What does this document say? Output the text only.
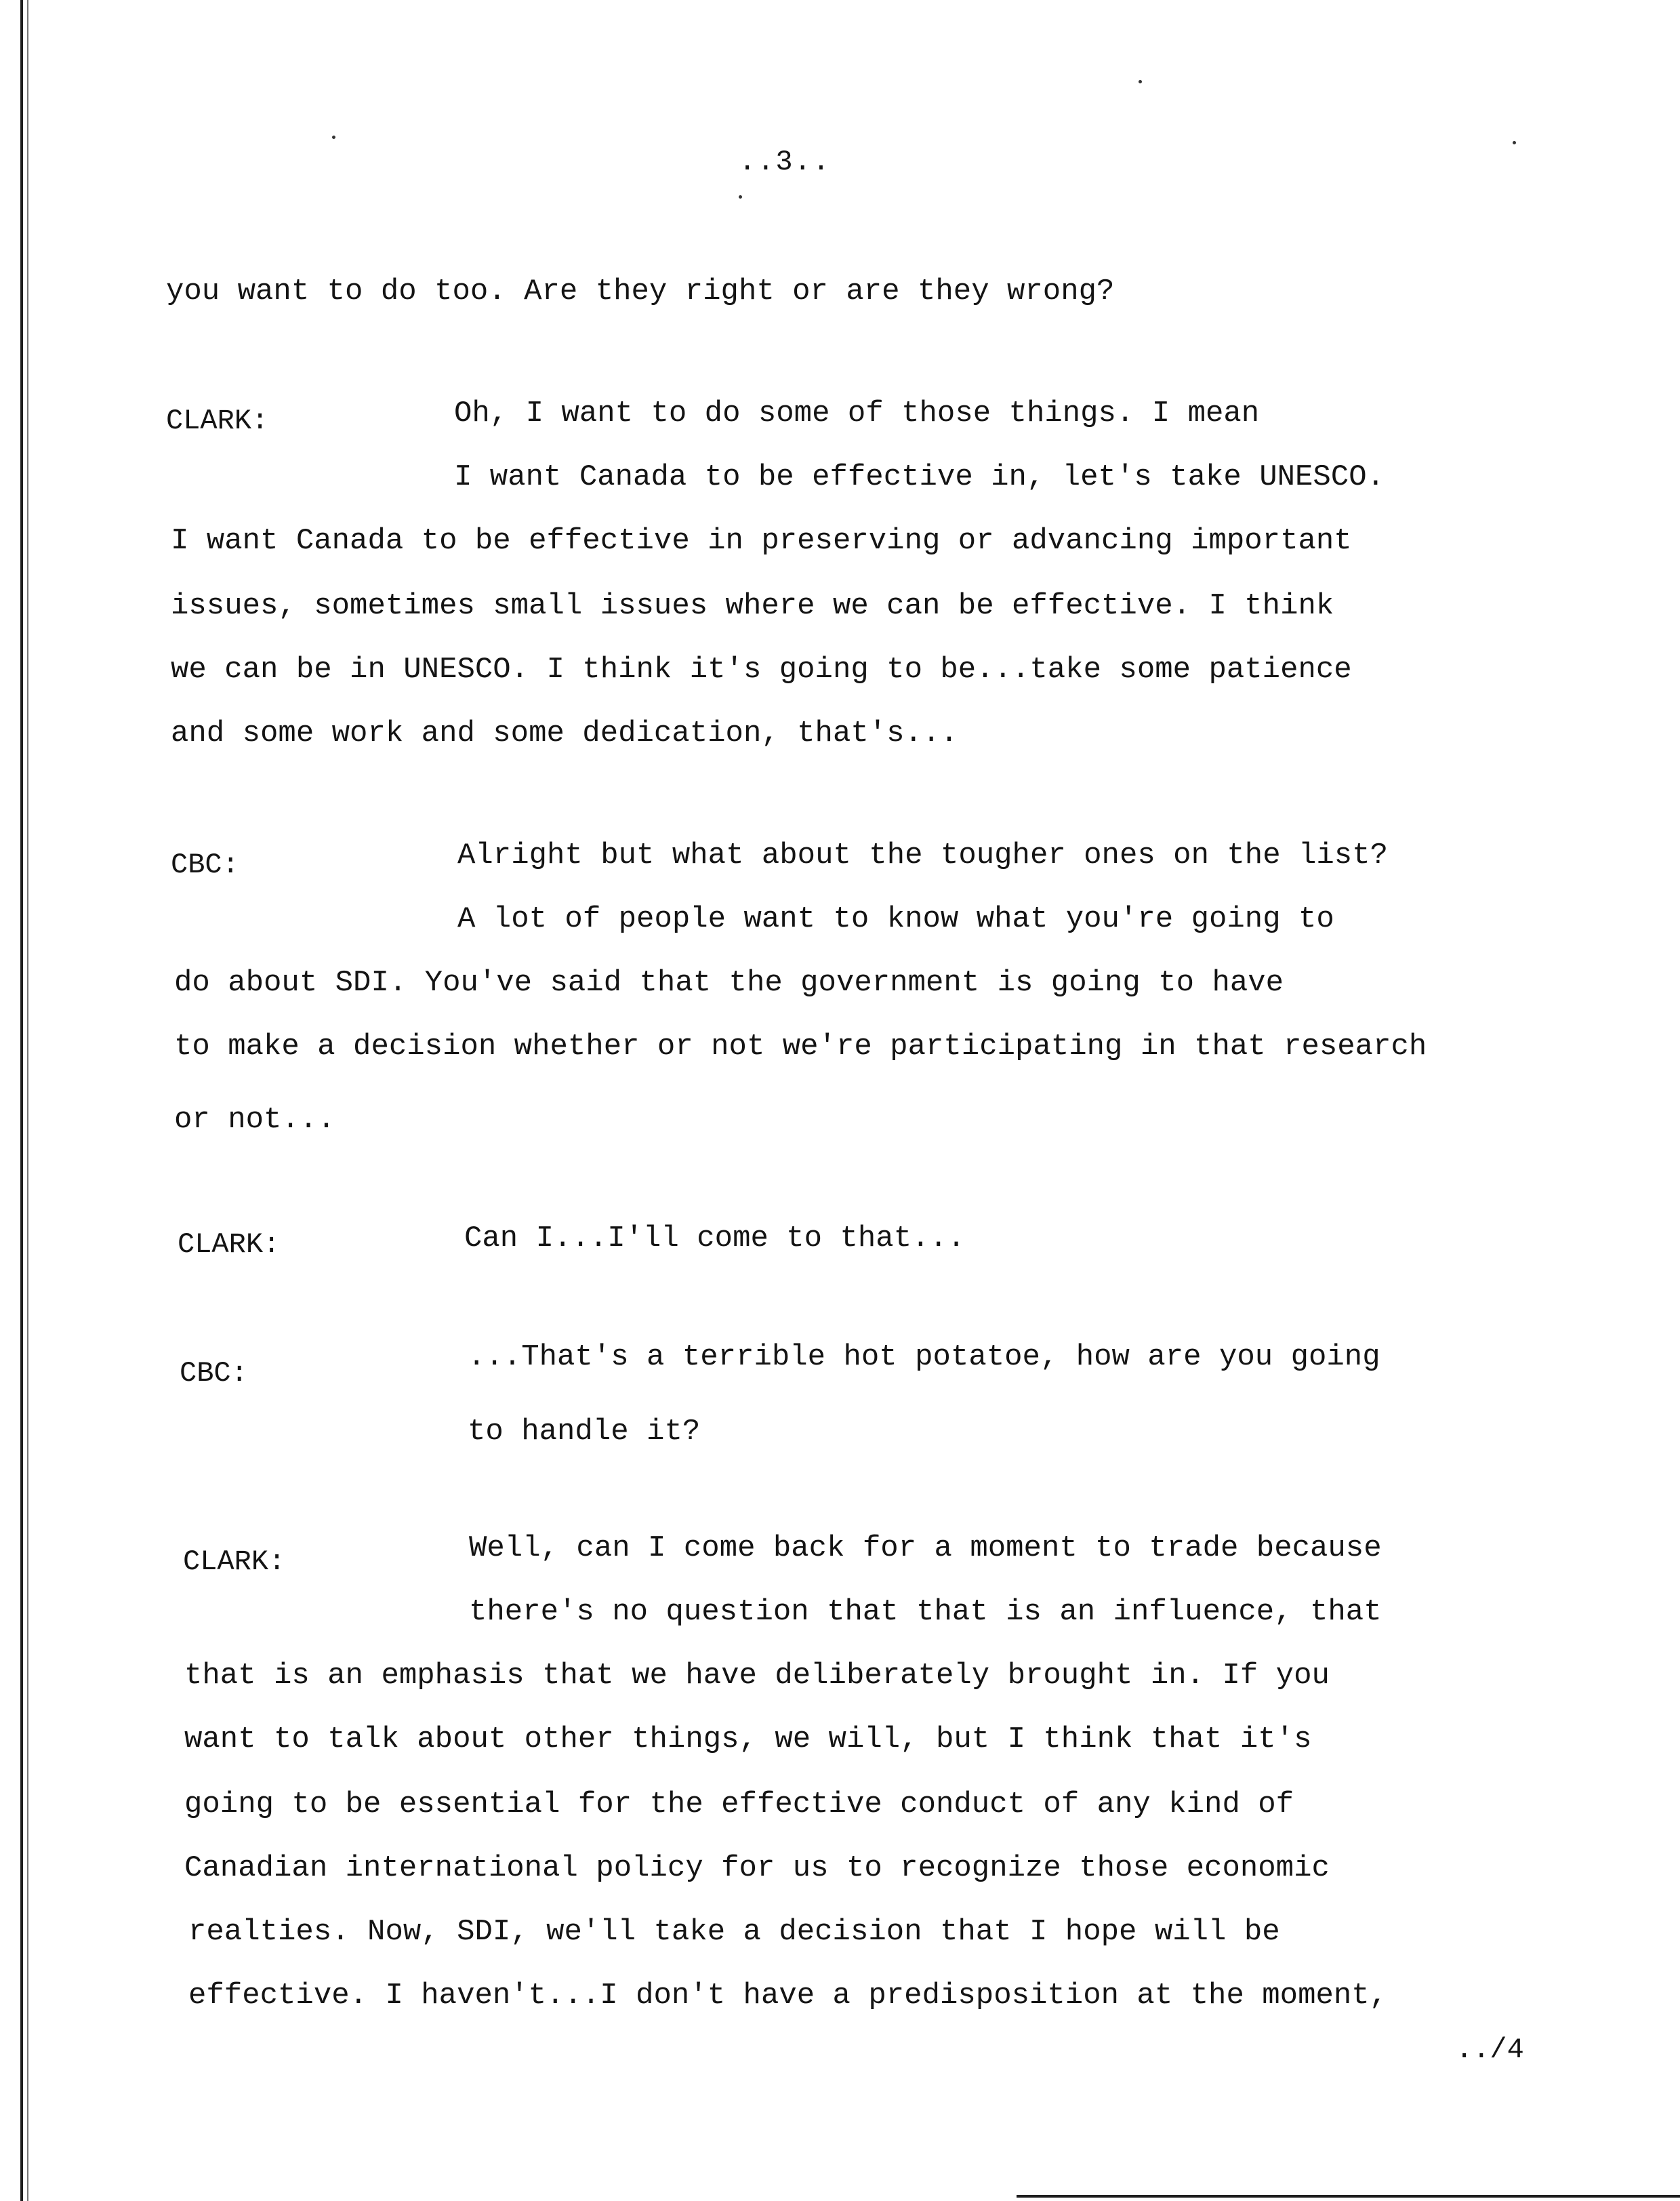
..3..
you want to do too. Are they right or are they wrong?
CLARK:	Oh, I want to do some of those things. I mean
I want Canada to be effective in, let's take UNESCO.
I want Canada to be effective in preserving or advancing important
issues, sometimes small issues where we can be effective. I think
we can be in UNESCO. I think it's going to be...take some patience
and some work and some dedication, that's...
CBC:	Alright but what about the tougher ones on the list?
A lot of people want to know what you're going to
do about SDI. You've said that the government is going to have
to make a decision whether or not we're participating in that research
or not...
CLARK:	Can I...I'll come to that...
CBC:	...That's a terrible hot potatoe, how are you going
to handle it?
CLARK:	Well, can I come back for a moment to trade because
there's no question that that is an influence, that
that is an emphasis that we have deliberately brought in. If you
want to talk about other things, we will, but I think that it's
going to be essential for the effective conduct of any kind of
Canadian international policy for us to recognize those economic
realties. Now, SDI, we'll take a decision that I hope will be
effective. I haven't...I don't have a predisposition at the moment,
../4
